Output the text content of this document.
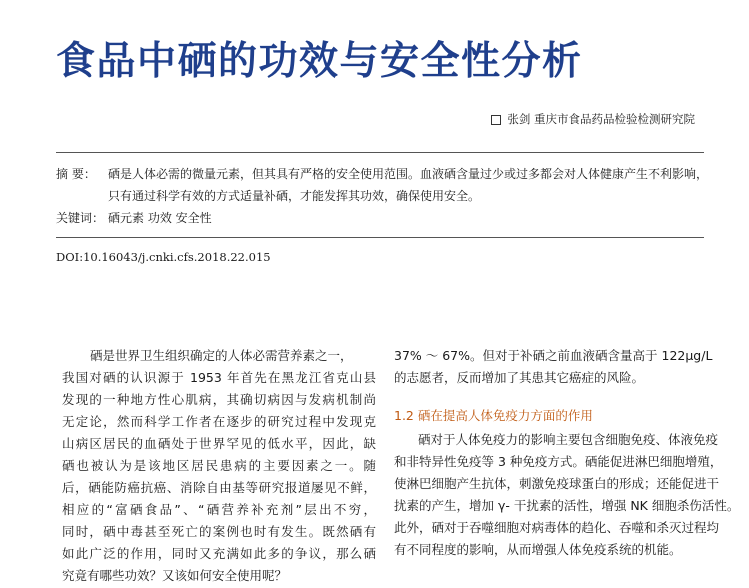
食品中硒的功效与安全性分析
张剑 重庆市食品药品检验检测研究院
摘 要： 硒是人体必需的微量元素，但其具有严格的安全使用范围。血液硒含量过少或过多都会对人体健康产生不利影响，
只有通过科学有效的方式适量补硒，才能发挥其功效，确保使用安全。
关键词： 硒元素 功效 安全性
DOI:10.16043/j.cnki.cfs.2018.22.015
硒是世界卫生组织确定的人体必需营养素之一，
我国对硒的认识源于 1953 年首先在黑龙江省克山县
发现的一种地方性心肌病，其确切病因与发病机制尚
无定论，然而科学工作者在逐步的研究过程中发现克
山病区居民的血硒处于世界罕见的低水平，因此，缺
硒也被认为是该地区居民患病的主要因素之一。随
后，硒能防癌抗癌、消除自由基等研究报道屡见不鲜，
相应的“富硒食品”、“硒营养补充剂”层出不穷，
同时，硒中毒甚至死亡的案例也时有发生。既然硒有
如此广泛的作用，同时又充满如此多的争议，那么硒
究竟有哪些功效？又该如何安全使用呢？
37% ～ 67%。但对于补硒之前血液硒含量高于 122μg/L
的志愿者，反而增加了其患其它癌症的风险。
1.2 硒在提高人体免疫力方面的作用
硒对于人体免疫力的影响主要包含细胞免疫、体液免疫
和非特异性免疫等 3 种免疫方式。硒能促进淋巴细胞增殖，
使淋巴细胞产生抗体，刺激免疫球蛋白的形成；还能促进干
扰素的产生，增加 γ- 干扰素的活性，增强 NK 细胞杀伤活性。
此外，硒对于吞噬细胞对病毒体的趋化、吞噬和杀灭过程均
有不同程度的影响，从而增强人体免疫系统的机能。
